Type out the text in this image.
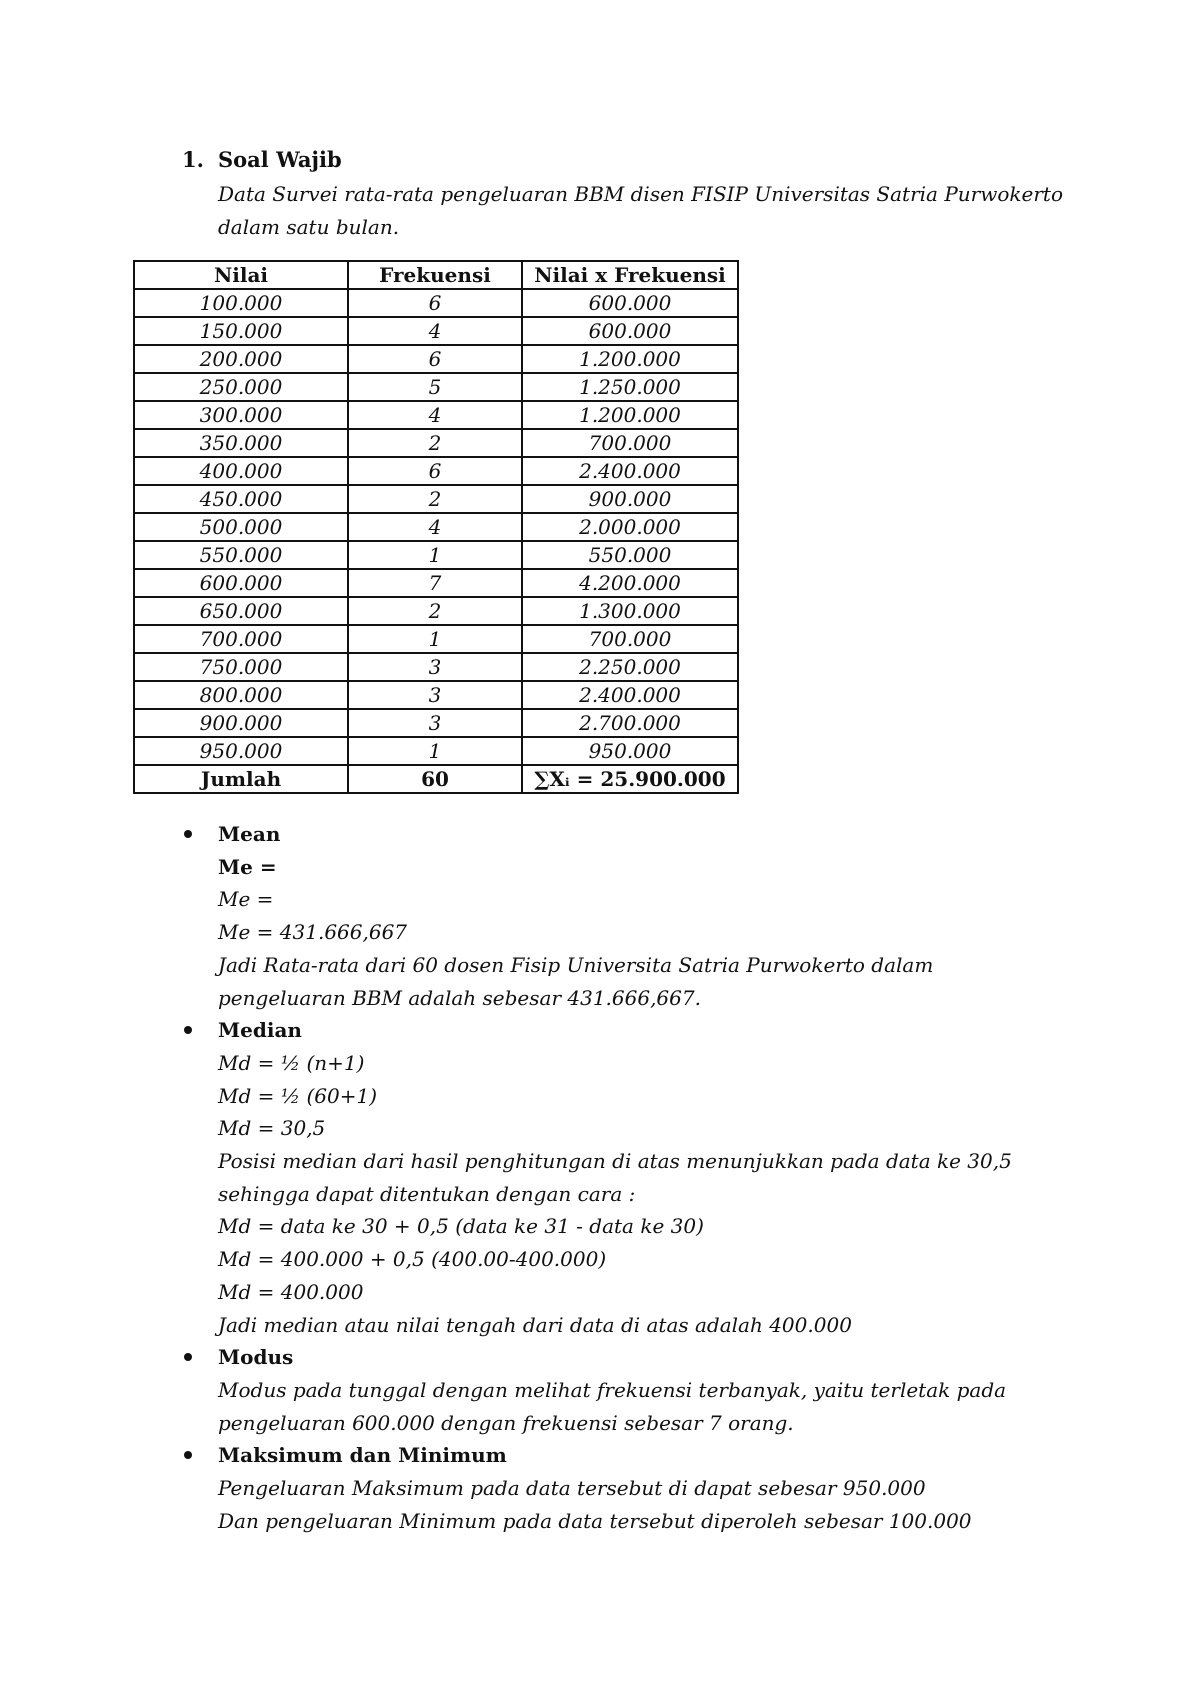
1. Soal Wajib
Data Survei rata-rata pengeluaran BBM disen FISIP Universitas Satria Purwokerto dalam satu bulan.
Nilai	Frekuensi	Nilai x Frekuensi
100.000	6	600.000
150.000	4	600.000
200.000	6	1.200.000
250.000	5	1.250.000
300.000	4	1.200.000
350.000	2	700.000
400.000	6	2.400.000
450.000	2	900.000
500.000	4	2.000.000
550.000	1	550.000
600.000	7	4.200.000
650.000	2	1.300.000
700.000	1	700.000
750.000	3	2.250.000
800.000	3	2.400.000
900.000	3	2.700.000
950.000	1	950.000
Jumlah	60	∑Xᵢ = 25.900.000
Mean
Me =
Me =
Me = 431.666,667
Jadi Rata-rata dari 60 dosen Fisip Universita Satria Purwokerto dalam
pengeluaran BBM adalah sebesar 431.666,667.
Median
Md = ½ (n+1)
Md = ½ (60+1)
Md = 30,5
Posisi median dari hasil penghitungan di atas menunjukkan pada data ke 30,5
sehingga dapat ditentukan dengan cara :
Md = data ke 30 + 0,5 (data ke 31 - data ke 30)
Md = 400.000 + 0,5 (400.00-400.000)
Md = 400.000
Jadi median atau nilai tengah dari data di atas adalah 400.000
Modus
Modus pada tunggal dengan melihat frekuensi terbanyak, yaitu terletak pada
pengeluaran 600.000 dengan frekuensi sebesar 7 orang.
Maksimum dan Minimum
Pengeluaran Maksimum pada data tersebut di dapat sebesar 950.000
Dan pengeluaran Minimum pada data tersebut diperoleh sebesar 100.000
